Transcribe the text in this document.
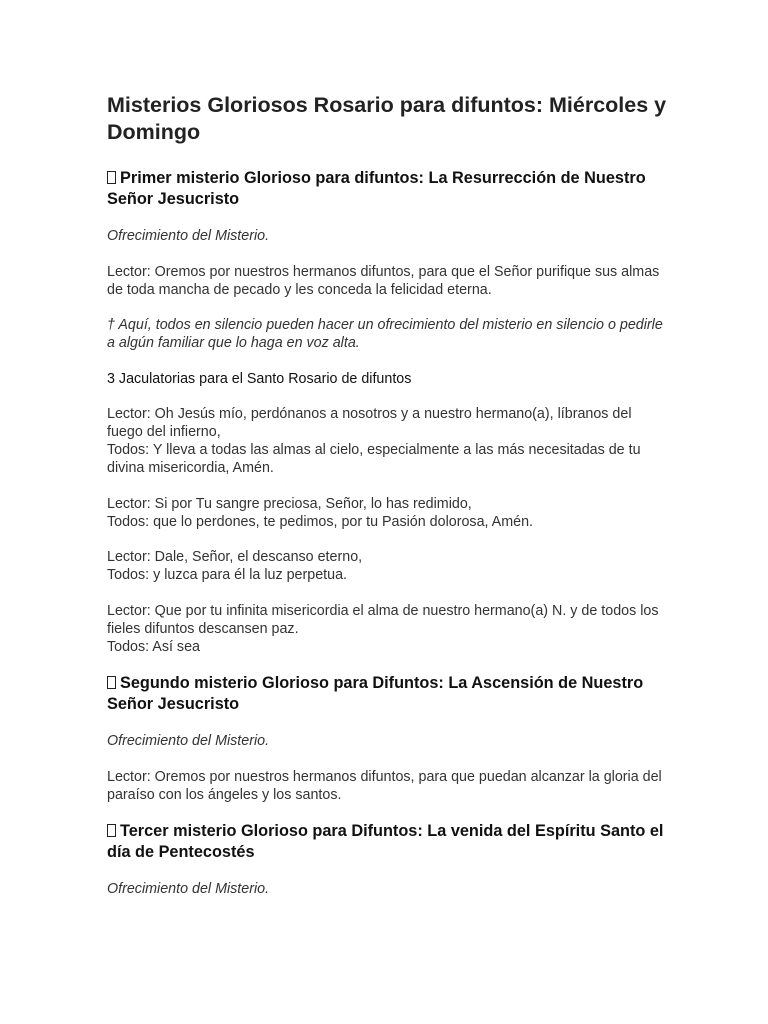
Misterios Gloriosos Rosario para difuntos: Miércoles y Domingo
Primer misterio Glorioso para difuntos: La Resurrección de Nuestro Señor Jesucristo

Ofrecimiento del Misterio.

Lector: Oremos por nuestros hermanos difuntos, para que el Señor purifique sus almas de toda mancha de pecado y les conceda la felicidad eterna.

† Aquí, todos en silencio pueden hacer un ofrecimiento del misterio en silencio o pedirle a algún familiar que lo haga en voz alta.

3 Jaculatorias para el Santo Rosario de difuntos

Lector: Oh Jesús mío, perdónanos a nosotros y a nuestro hermano(a), líbranos del fuego del infierno,
Todos: Y lleva a todas las almas al cielo, especialmente a las más necesitadas de tu divina misericordia, Amén.

Lector: Si por Tu sangre preciosa, Señor, lo has redimido,
Todos: que lo perdones, te pedimos, por tu Pasión dolorosa, Amén.

Lector: Dale, Señor, el descanso eterno,
Todos: y luzca para él la luz perpetua.

Lector: Que por tu infinita misericordia el alma de nuestro hermano(a) N. y de todos los fieles difuntos descansen paz.
Todos: Así sea

Segundo misterio Glorioso para Difuntos: La Ascensión de Nuestro Señor Jesucristo

Ofrecimiento del Misterio.

Lector: Oremos por nuestros hermanos difuntos, para que puedan alcanzar la gloria del paraíso con los ángeles y los santos.

Tercer misterio Glorioso para Difuntos: La venida del Espíritu Santo el día de Pentecostés

Ofrecimiento del Misterio.
